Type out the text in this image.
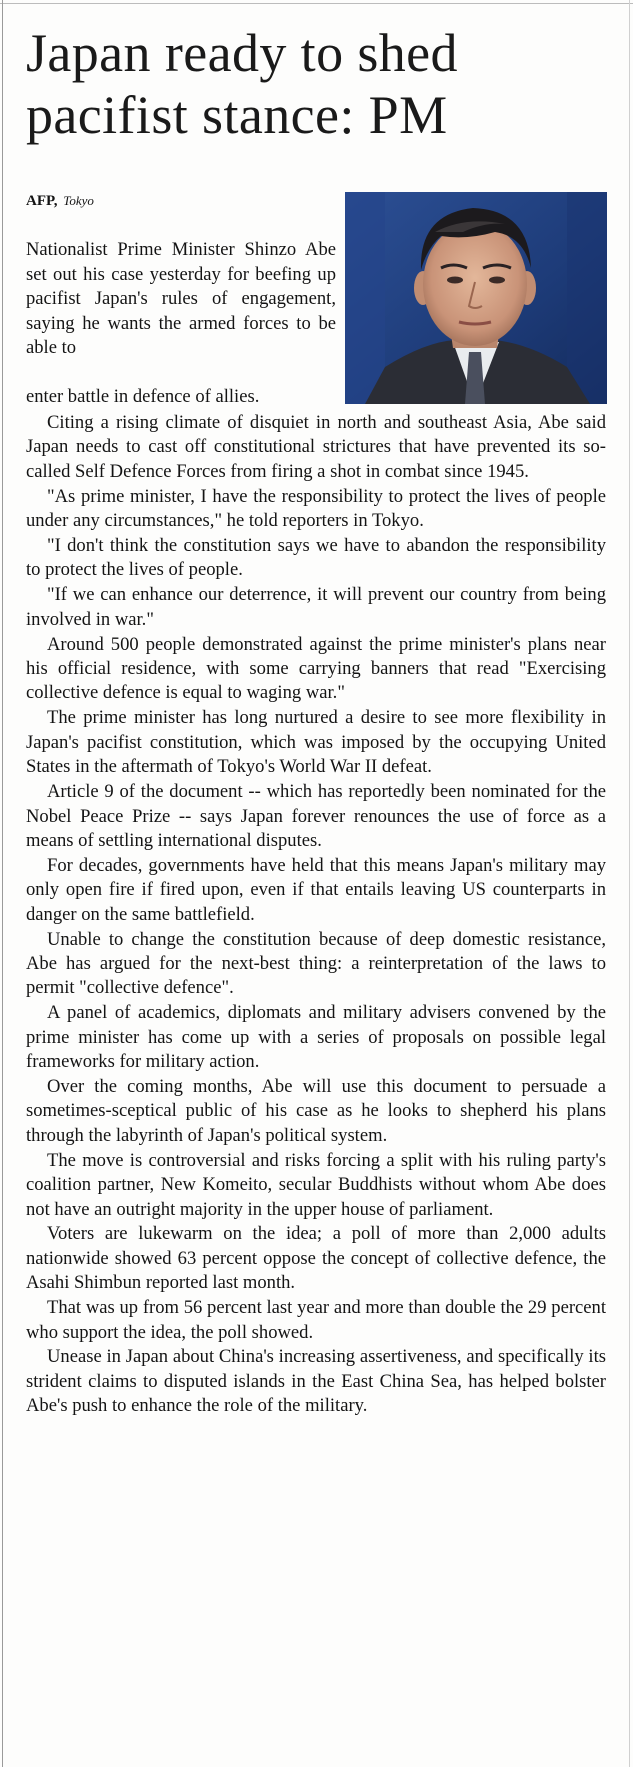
Japan ready to shed pacifist stance: PM
AFP, Tokyo

Nationalist Prime Minister Shinzo Abe set out his case yesterday for beefing up pacifist Japan's rules of engagement, saying he wants the armed forces to be able to

enter battle in defence of allies.

Citing a rising climate of disquiet in north and southeast Asia, Abe said Japan needs to cast off constitutional strictures that have prevented its so-called Self Defence Forces from firing a shot in combat since 1945.

"As prime minister, I have the responsibility to protect the lives of people under any circumstances," he told reporters in Tokyo.

"I don't think the constitution says we have to abandon the responsibility to protect the lives of people.

"If we can enhance our deterrence, it will prevent our country from being involved in war."

Around 500 people demonstrated against the prime minister's plans near his official residence, with some carrying banners that read "Exercising collective defence is equal to waging war."

The prime minister has long nurtured a desire to see more flexibility in Japan's pacifist constitution, which was imposed by the occupying United States in the aftermath of Tokyo's World War II defeat.

Article 9 of the document -- which has reportedly been nominated for the Nobel Peace Prize -- says Japan forever renounces the use of force as a means of settling international disputes.

For decades, governments have held that this means Japan's military may only open fire if fired upon, even if that entails leaving US counterparts in danger on the same battlefield.

Unable to change the constitution because of deep domestic resistance, Abe has argued for the next-best thing: a reinterpretation of the laws to permit "collective defence".

A panel of academics, diplomats and military advisers convened by the prime minister has come up with a series of proposals on possible legal frameworks for military action.

Over the coming months, Abe will use this document to persuade a sometimes-sceptical public of his case as he looks to shepherd his plans through the labyrinth of Japan's political system.

The move is controversial and risks forcing a split with his ruling party's coalition partner, New Komeito, secular Buddhists without whom Abe does not have an outright majority in the upper house of parliament.

Voters are lukewarm on the idea; a poll of more than 2,000 adults nationwide showed 63 percent oppose the concept of collective defence, the Asahi Shimbun reported last month.

That was up from 56 percent last year and more than double the 29 percent who support the idea, the poll showed.

Unease in Japan about China's increasing assertiveness, and specifically its strident claims to disputed islands in the East China Sea, has helped bolster Abe's push to enhance the role of the military.
